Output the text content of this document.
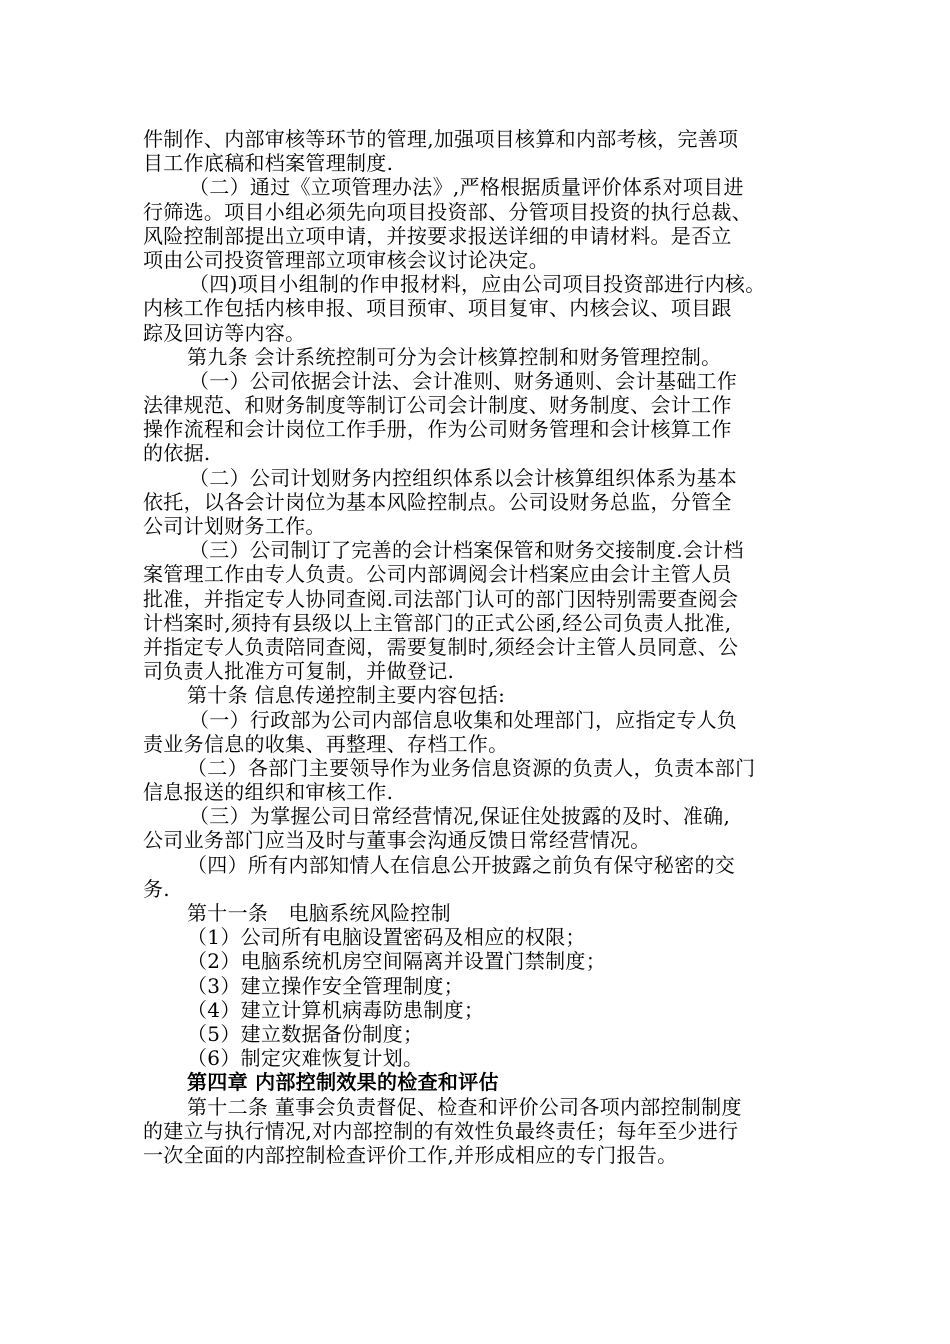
件制作、内部审核等环节的管理,加强项目核算和内部考核，完善项

目工作底稿和档案管理制度.

（二）通过《立项管理办法》,严格根据质量评价体系对项目进

行筛选。项目小组必须先向项目投资部、分管项目投资的执行总裁、

风险控制部提出立项申请，并按要求报送详细的申请材料。是否立

项由公司投资管理部立项审核会议讨论决定。

（四)项目小组制的作申报材料，应由公司项目投资部进行内核。

内核工作包括内核申报、项目预审、项目复审、内核会议、项目跟

踪及回访等内容。

第九条 会计系统控制可分为会计核算控制和财务管理控制。

（一）公司依据会计法、会计准则、财务通则、会计基础工作

法律规范、和财务制度等制订公司会计制度、财务制度、会计工作

操作流程和会计岗位工作手册，作为公司财务管理和会计核算工作

的依据.

（二）公司计划财务内控组织体系以会计核算组织体系为基本

依托，以各会计岗位为基本风险控制点。公司设财务总监，分管全

公司计划财务工作。

（三）公司制订了完善的会计档案保管和财务交接制度.会计档

案管理工作由专人负责。公司内部调阅会计档案应由会计主管人员

批准，并指定专人协同查阅.司法部门认可的部门因特别需要查阅会

计档案时,须持有县级以上主管部门的正式公函,经公司负责人批准,

并指定专人负责陪同查阅，需要复制时,须经会计主管人员同意、公

司负责人批准方可复制，并做登记.

第十条 信息传递控制主要内容包括:

（一）行政部为公司内部信息收集和处理部门，应指定专人负

责业务信息的收集、再整理、存档工作。

（二）各部门主要领导作为业务信息资源的负责人，负责本部门

信息报送的组织和审核工作.

（三）为掌握公司日常经营情况,保证住处披露的及时、准确,

公司业务部门应当及时与董事会沟通反馈日常经营情况。

（四）所有内部知情人在信息公开披露之前负有保守秘密的交

务.

第十一条　电脑系统风险控制

（1）公司所有电脑设置密码及相应的权限；

（2）电脑系统机房空间隔离并设置门禁制度；

（3）建立操作安全管理制度；

（4）建立计算机病毒防患制度；

（5）建立数据备份制度；

（6）制定灾难恢复计划。

第四章 内部控制效果的检查和评估

第十二条 董事会负责督促、检查和评价公司各项内部控制制度

的建立与执行情况,对内部控制的有效性负最终责任；每年至少进行

一次全面的内部控制检查评价工作,并形成相应的专门报告。
